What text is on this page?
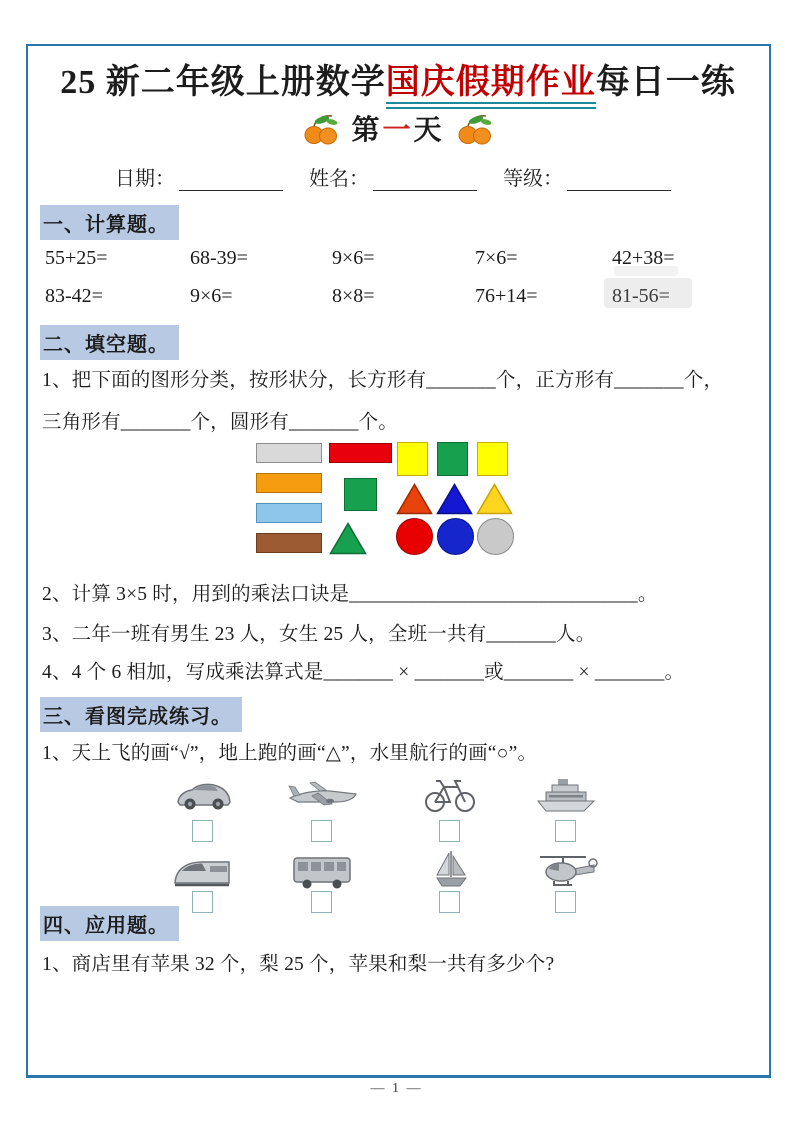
25 新二年级上册数学国庆假期作业每日一练
第一天
日期：	姓名：	等级：
一、计算题。
55+25=	68-39=	9×6=	7×6=	42+38=
83-42=	9×6=	8×8=	76+14=	81-56=
二、填空题。
1、把下面的图形分类，按形状分，长方形有_______个，正方形有_______个，
三角形有_______个，圆形有_______个。
2、计算 3×5 时，用到的乘法口诀是_____________________________。
3、二年一班有男生 23 人，女生 25 人，全班一共有_______人。
4、4 个 6 相加，写成乘法算式是_______ × _______或_______ × _______。
三、看图完成练习。
1、天上飞的画“√”，地上跑的画“△”，水里航行的画“○”。
四、应用题。
1、商店里有苹果 32 个，梨 25 个，苹果和梨一共有多少个?
— 1 —
